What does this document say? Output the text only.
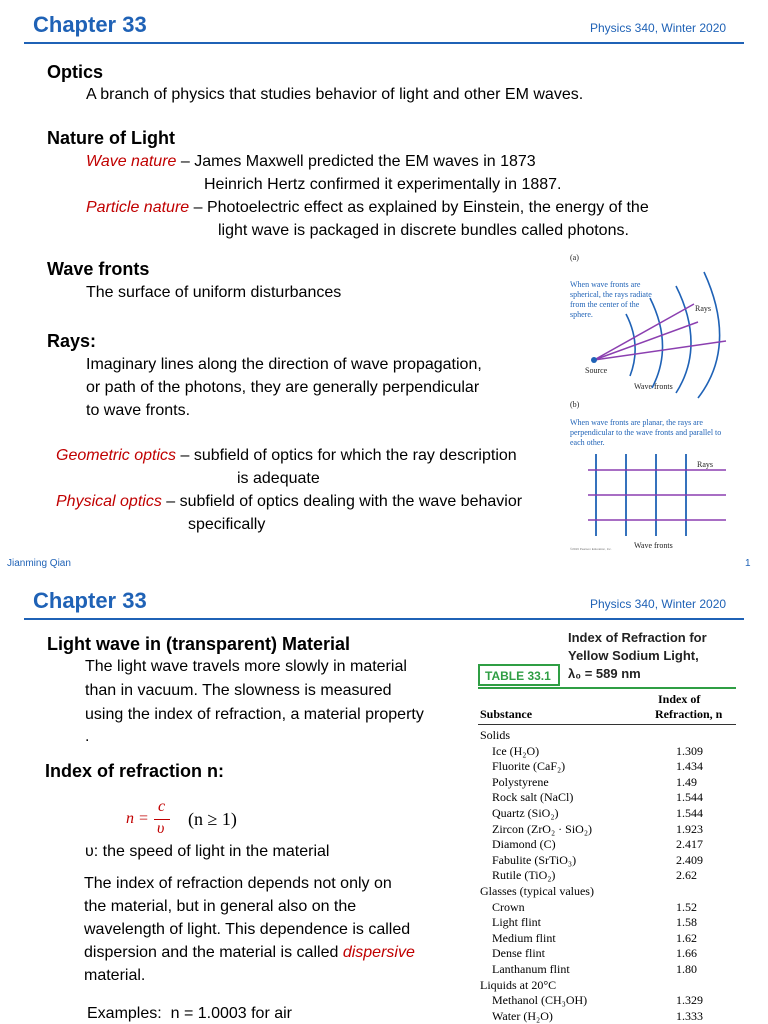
Chapter 33	Physics 340, Winter 2020
Optics
A branch of physics that studies behavior of light and other EM waves.
Nature of Light
Wave nature – James Maxwell predicted the EM waves in 1873
Heinrich Hertz confirmed it experimentally in 1887.
Particle nature – Photoelectric effect as explained by Einstein, the energy of the
light wave is packaged in discrete bundles called photons.
Wave fronts
The surface of uniform disturbances
Rays:
Imaginary lines along the direction of wave propagation,
or path of the photons, they are generally perpendicular
to wave fronts.
Geometric optics – subfield of optics for which the ray description
is adequate
Physical optics – subfield of optics dealing with the wave behavior
specifically
(a)
When wave fronts are spherical, the rays radiate from the center of the sphere.
Rays
Source
Wave fronts
(b)
When wave fronts are planar, the rays are perpendicular to the wave fronts and parallel to each other.
Rays
Wave fronts
©2016 Pearson Education, Inc.
Jianming Qian	1
Chapter 33	Physics 340, Winter 2020
Light wave in (transparent) Material
The light wave travels more slowly in material
than in vacuum. The slowness is measured
using the index of refraction, a material property
.
Index of refraction n:
n =
c
υ (n ≥ 1)
υ: the speed of light in the material
The index of refraction depends not only on
the material, but in general also on the
wavelength of light. This dependence is called
dispersion and the material is called dispersive
material.
Examples: n = 1.0003 for air
Index of Refraction for
Yellow Sodium Light,
TABLE 33.1 λ₀ = 589 nm
Index of
Refraction, n
Substance
Solids
Ice (H₂O)	1.309
Fluorite (CaF₂)	1.434
Polystyrene	1.49
Rock salt (NaCl)	1.544
Quartz (SiO₂)	1.544
Zircon (ZrO₂ · SiO₂)	1.923
Diamond (C)	2.417
Fabulite (SrTiO₃)	2.409
Rutile (TiO₂)	2.62
Glasses (typical values)
Crown	1.52
Light flint	1.58
Medium flint	1.62
Dense flint	1.66
Lanthanum flint	1.80
Liquids at 20°C
Methanol (CH₃OH)	1.329
Water (H₂O)	1.333
